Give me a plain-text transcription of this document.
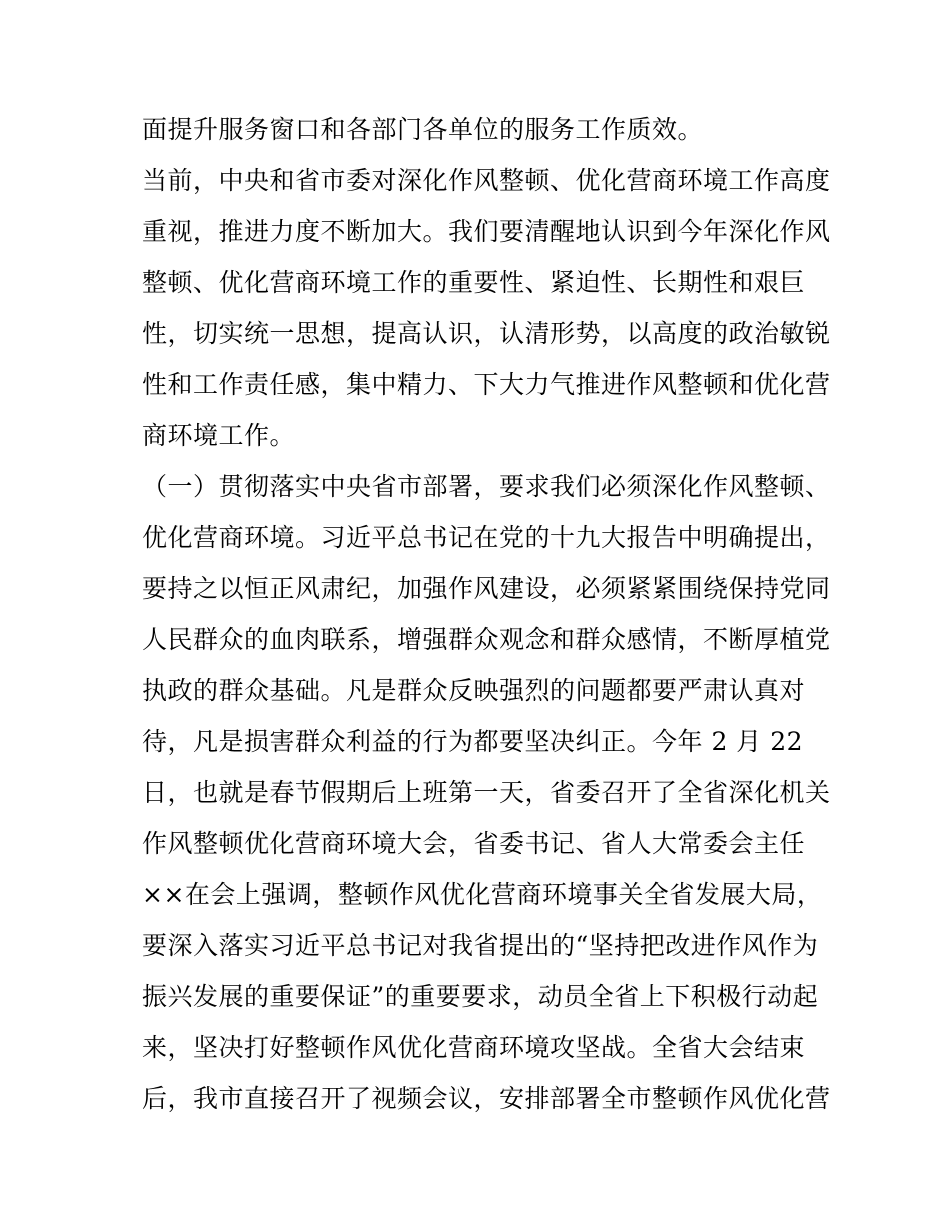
面提升服务窗口和各部门各单位的服务工作质效。
当前，中央和省市委对深化作风整顿、优化营商环境工作高度
重视，推进力度不断加大。我们要清醒地认识到今年深化作风
整顿、优化营商环境工作的重要性、紧迫性、长期性和艰巨
性，切实统一思想，提高认识，认清形势，以高度的政治敏锐
性和工作责任感，集中精力、下大力气推进作风整顿和优化营
商环境工作。
（一）贯彻落实中央省市部署，要求我们必须深化作风整顿、
优化营商环境。习近平总书记在党的十九大报告中明确提出，
要持之以恒正风肃纪，加强作风建设，必须紧紧围绕保持党同
人民群众的血肉联系，增强群众观念和群众感情，不断厚植党
执政的群众基础。凡是群众反映强烈的问题都要严肃认真对
待，凡是损害群众利益的行为都要坚决纠正。今年 2 月 22
日，也就是春节假期后上班第一天，省委召开了全省深化机关
作风整顿优化营商环境大会，省委书记、省人大常委会主任
××在会上强调，整顿作风优化营商环境事关全省发展大局，
要深入落实习近平总书记对我省提出的“坚持把改进作风作为
振兴发展的重要保证”的重要要求，动员全省上下积极行动起
来，坚决打好整顿作风优化营商环境攻坚战。全省大会结束
后，我市直接召开了视频会议，安排部署全市整顿作风优化营
